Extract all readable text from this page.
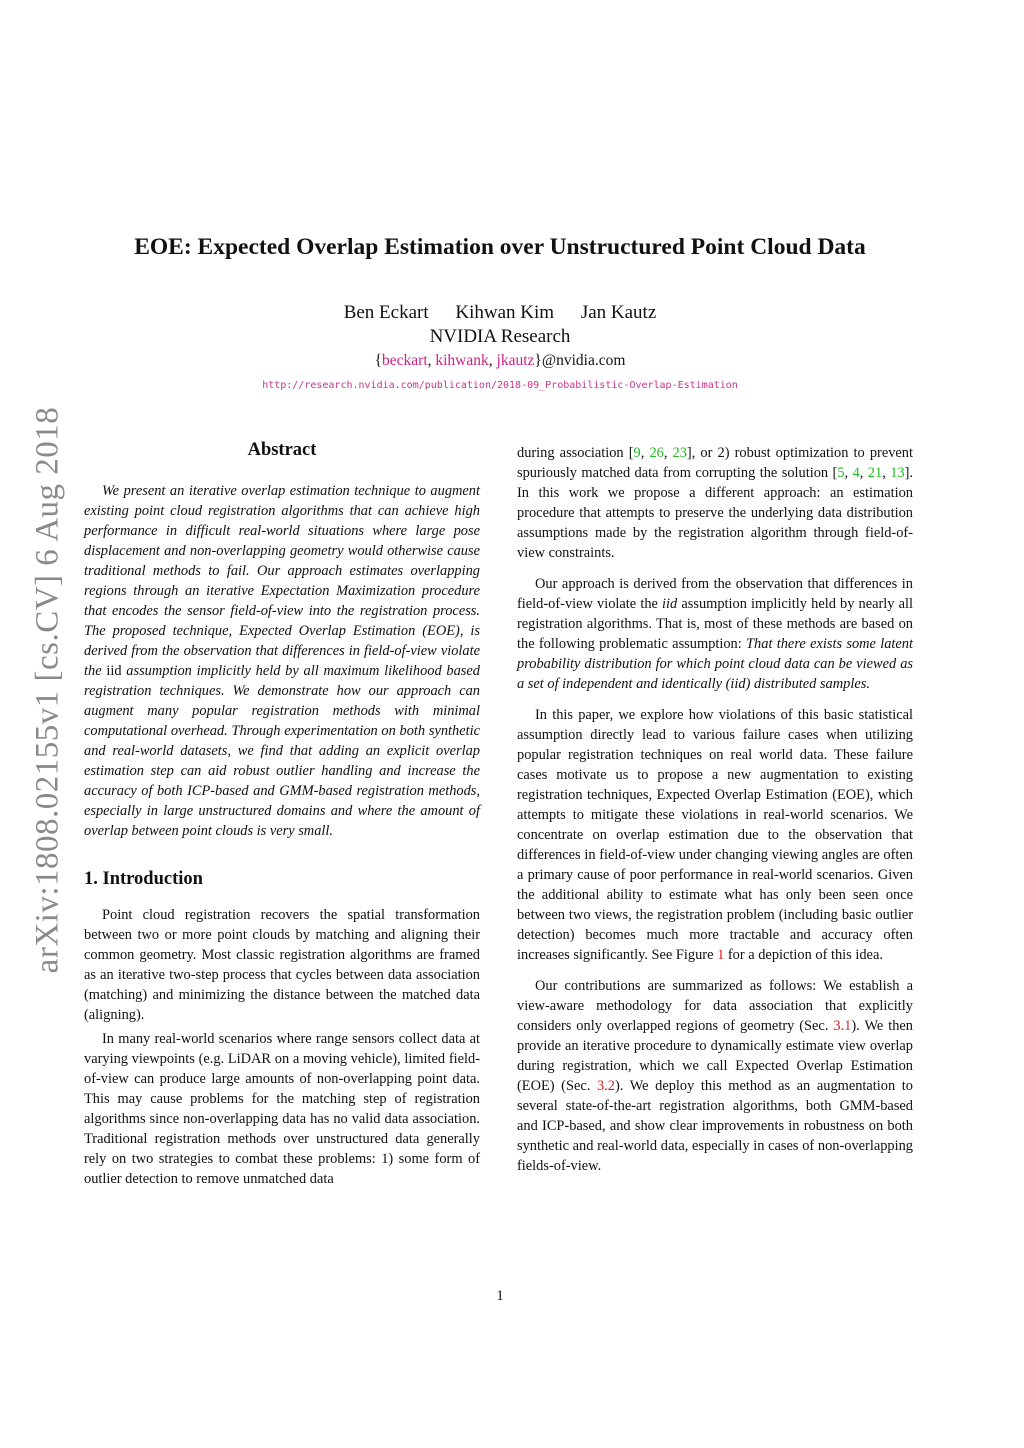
arXiv:1808.02155v1 [cs.CV] 6 Aug 2018
EOE: Expected Overlap Estimation over Unstructured Point Cloud Data
Ben Eckart Kihwan Kim Jan Kautz
NVIDIA Research
{beckart, kihwank, jkautz}@nvidia.com
http://research.nvidia.com/publication/2018-09_Probabilistic-Overlap-Estimation
Abstract

We present an iterative overlap estimation technique to augment existing point cloud registration algorithms that can achieve high performance in difficult real-world situations where large pose displacement and non-overlapping geometry would otherwise cause traditional methods to fail. Our approach estimates overlapping regions through an iterative Expectation Maximization procedure that encodes the sensor field-of-view into the registration process. The proposed technique, Expected Overlap Estimation (EOE), is derived from the observation that differences in field-of-view violate the iid assumption implicitly held by all maximum likelihood based registration techniques. We demonstrate how our approach can augment many popular registration methods with minimal computational overhead. Through experimentation on both synthetic and real-world datasets, we find that adding an explicit overlap estimation step can aid robust outlier handling and increase the accuracy of both ICP-based and GMM-based registration methods, especially in large unstructured domains and where the amount of overlap between point clouds is very small.

1. Introduction

Point cloud registration recovers the spatial transformation between two or more point clouds by matching and aligning their common geometry. Most classic registration algorithms are framed as an iterative two-step process that cycles between data association (matching) and minimizing the distance between the matched data (aligning).

In many real-world scenarios where range sensors collect data at varying viewpoints (e.g. LiDAR on a moving vehicle), limited field-of-view can produce large amounts of non-overlapping point data. This may cause problems for the matching step of registration algorithms since non-overlapping data has no valid data association. Traditional registration methods over unstructured data generally rely on two strategies to combat these problems: 1) some form of outlier detection to remove unmatched data

during association [9, 26, 23], or 2) robust optimization to prevent spuriously matched data from corrupting the solution [5, 4, 21, 13]. In this work we propose a different approach: an estimation procedure that attempts to preserve the underlying data distribution assumptions made by the registration algorithm through field-of-view constraints.

Our approach is derived from the observation that differences in field-of-view violate the iid assumption implicitly held by nearly all registration algorithms. That is, most of these methods are based on the following problematic assumption: That there exists some latent probability distribution for which point cloud data can be viewed as a set of independent and identically (iid) distributed samples.

In this paper, we explore how violations of this basic statistical assumption directly lead to various failure cases when utilizing popular registration techniques on real world data. These failure cases motivate us to propose a new augmentation to existing registration techniques, Expected Overlap Estimation (EOE), which attempts to mitigate these violations in real-world scenarios. We concentrate on overlap estimation due to the observation that differences in field-of-view under changing viewing angles are often a primary cause of poor performance in real-world scenarios. Given the additional ability to estimate what has only been seen once between two views, the registration problem (including basic outlier detection) becomes much more tractable and accuracy often increases significantly. See Figure 1 for a depiction of this idea.

Our contributions are summarized as follows: We establish a view-aware methodology for data association that explicitly considers only overlapped regions of geometry (Sec. 3.1). We then provide an iterative procedure to dynamically estimate view overlap during registration, which we call Expected Overlap Estimation (EOE) (Sec. 3.2). We deploy this method as an augmentation to several state-of-the-art registration algorithms, both GMM-based and ICP-based, and show clear improvements in robustness on both synthetic and real-world data, especially in cases of non-overlapping fields-of-view.

1
